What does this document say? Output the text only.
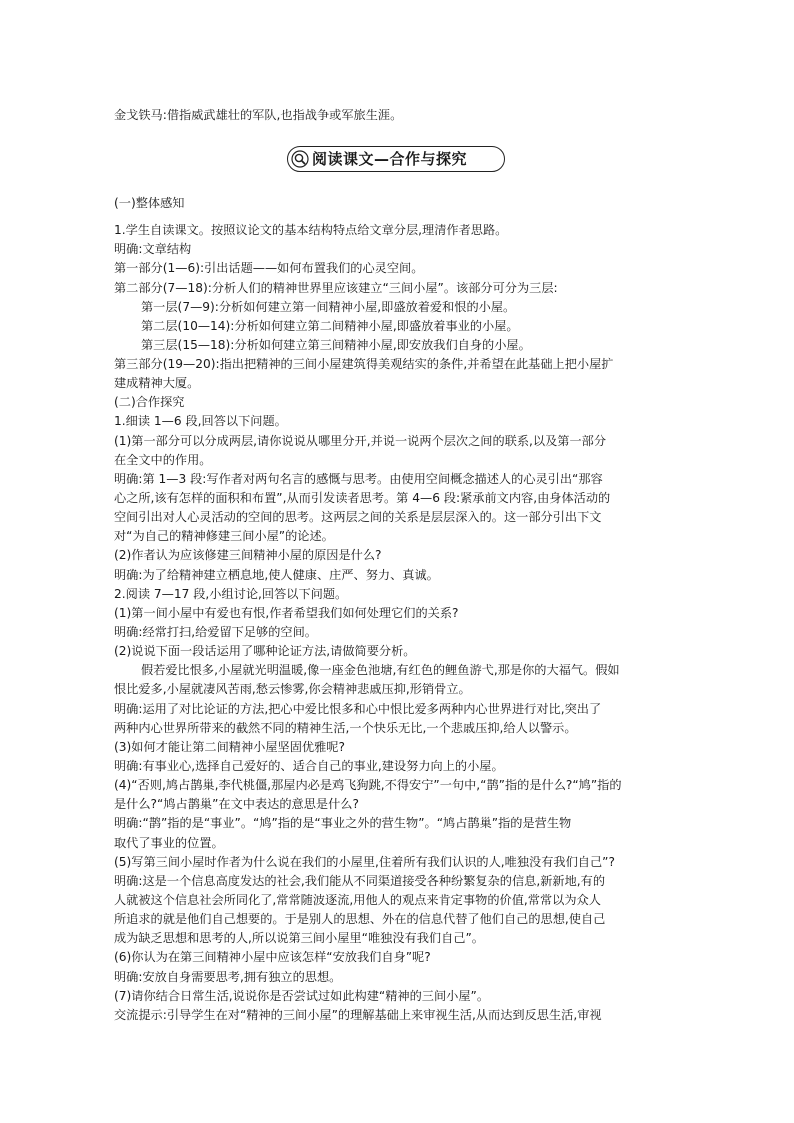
金戈铁马:借指威武雄壮的军队,也指战争或军旅生涯。
阅读课文—合作与探究
(一)整体感知
1.学生自读课文。按照议论文的基本结构特点给文章分层,理清作者思路。
明确:文章结构
第一部分(1—6):引出话题——如何布置我们的心灵空间。
第二部分(7—18):分析人们的精神世界里应该建立“三间小屋”。该部分可分为三层:
第一层(7—9):分析如何建立第一间精神小屋,即盛放着爱和恨的小屋。
第二层(10—14):分析如何建立第二间精神小屋,即盛放着事业的小屋。
第三层(15—18):分析如何建立第三间精神小屋,即安放我们自身的小屋。
第三部分(19—20):指出把精神的三间小屋建筑得美观结实的条件,并希望在此基础上把小屋扩
建成精神大厦。
(二)合作探究
1.细读 1—6 段,回答以下问题。
(1)第一部分可以分成两层,请你说说从哪里分开,并说一说两个层次之间的联系,以及第一部分
在全文中的作用。
明确:第 1—3 段:写作者对两句名言的感慨与思考。由使用空间概念描述人的心灵引出“那容
心之所,该有怎样的面积和布置”,从而引发读者思考。第 4—6 段:紧承前文内容,由身体活动的
空间引出对人心灵活动的空间的思考。这两层之间的关系是层层深入的。这一部分引出下文
对“为自己的精神修建三间小屋”的论述。
(2)作者认为应该修建三间精神小屋的原因是什么?
明确:为了给精神建立栖息地,使人健康、庄严、努力、真诚。
2.阅读 7—17 段,小组讨论,回答以下问题。
(1)第一间小屋中有爱也有恨,作者希望我们如何处理它们的关系?
明确:经常打扫,给爱留下足够的空间。
(2)说说下面一段话运用了哪种论证方法,请做简要分析。
假若爱比恨多,小屋就光明温暖,像一座金色池塘,有红色的鲤鱼游弋,那是你的大福气。假如
恨比爱多,小屋就凄风苦雨,愁云惨雾,你会精神悲戚压抑,形销骨立。
明确:运用了对比论证的方法,把心中爱比恨多和心中恨比爱多两种内心世界进行对比,突出了
两种内心世界所带来的截然不同的精神生活,一个快乐无比,一个悲戚压抑,给人以警示。
(3)如何才能让第二间精神小屋坚固优雅呢?
明确:有事业心,选择自己爱好的、适合自己的事业,建设努力向上的小屋。
(4)“否则,鸠占鹊巢,李代桃僵,那屋内必是鸡飞狗跳,不得安宁”一句中,“鹊”指的是什么?“鸠”指的
是什么?“鸠占鹊巢”在文中表达的意思是什么?
明确:“鹊”指的是“事业”。“鸠”指的是“事业之外的营生物”。“鸠占鹊巢”指的是营生物
取代了事业的位置。
(5)写第三间小屋时作者为什么说在我们的小屋里,住着所有我们认识的人,唯独没有我们自己”?
明确:这是一个信息高度发达的社会,我们能从不同渠道接受各种纷繁复杂的信息,新新地,有的
人就被这个信息社会所同化了,常常随波逐流,用他人的观点来肯定事物的价值,常常以为众人
所追求的就是他们自己想要的。于是别人的思想、外在的信息代替了他们自己的思想,使自己
成为缺乏思想和思考的人,所以说第三间小屋里“唯独没有我们自己”。
(6)你认为在第三间精神小屋中应该怎样“安放我们自身”呢?
明确:安放自身需要思考,拥有独立的思想。
(7)请你结合日常生活,说说你是否尝试过如此构建“精神的三间小屋”。
交流提示:引导学生在对“精神的三间小屋”的理解基础上来审视生活,从而达到反思生活,审视
